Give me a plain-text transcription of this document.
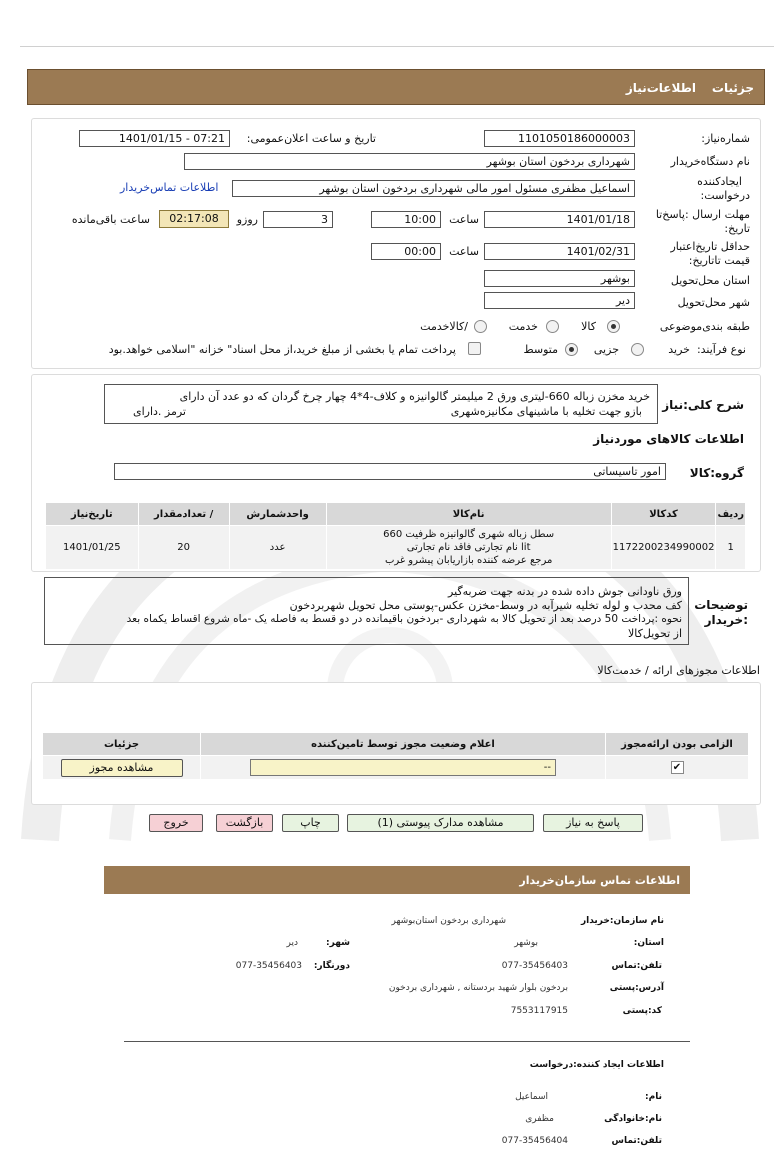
جزئیات
اطلاعات‌نیاز
شماره‌نیاز:
1101050186000003
تاریخ و ساعت اعلان‌عمومی:
1401/01/15 - 07:21
نام دستگاه‌خریدار
شهرداری بردخون استان بوشهر
ایجادکننده
درخواست:
اسماعیل مظفری مسئول امور مالی شهرداری بردخون استان بوشهر
اطلاعات تماس‌خریدار
مهلت ارسال :پاسخ‌تا
تاریخ:
1401/01/18
ساعت
10:00
3
روزو
02:17:08
ساعت باقی‌مانده
حداقل تاریخ‌اعتبار
قیمت تا‌تاریخ:
1401/02/31
ساعت
00:00
استان محل‌تحویل
بوشهر
شهر محل‌تحویل
دیر
طبقه بندی‌موضوعی
کالا
خدمت
/کالاخدمت
نوع فرآیند:
خرید
جزیی
متوسط
پرداخت تمام یا بخشی از مبلغ خرید،از محل اسناد" خزانه "اسلامی خواهد.بود
شرح کلی:نیاز
خرید مخزن زباله 660-لیتری ورق 2 میلیمتر گالوانیزه و کلاف-4*4 چهار چرخ گردان که دو عدد آن دارای
ترمز .دارای	بازو جهت تخلیه با ماشینهای مکانیزه‌شهری
اطلاعات کالاهای موردنیاز
گروه:کالا
امور تاسیساتی
ردیف	کدکالا	نام‌کالا	واحدشمارش	/ تعداد‌مقدار	تاریخ‌نیاز
1	1172200234990002	سطل زباله شهری گالوانیزه ظرفیت 660
lit نام تجارتی فاقد نام تجارتی
مرجع عرضه کننده بازاریابان پیشرو غرب	عدد	20	1401/01/25
توضیحات
:خریدار
ورق ناودانی جوش داده شده در بدنه جهت ضربه‌گیر
کف محدب و لوله تخلیه شیرآبه در وسط-مخزن عکس-پوستی محل تحویل شهربردخون
نحوه :پرداخت 50 درصد بعد از تحویل کالا به شهرداری -بردخون باقیمانده در دو قسط به فاصله یک -ماه شروع اقساط یکماه بعد
از تحویل‌کالا
اطلاعات مجوزهای ارائه / خدمت‌کالا
الزامی بودن ارائه‌مجوز	اعلام وضعیت مجوز توسط تامین‌کننده	جزئیات
✔	--	مشاهده مجوز
پاسخ به نیاز
مشاهده مدارک پیوستی (1)
چاپ
بازگشت
خروج
اطلاعات تماس سازمان‌خریدار
نام سازمان:خریدار
شهرداری بردخون استان‌بوشهر
استان:
بوشهر
شهر:
دیر
تلفن:تماس
077-35456403
دورنگار:
077-35456403
آدرس:پستی
بردخون بلوار شهید بردستانه , شهرداری بردخون
کد:پستی
7553117915
اطلاعات ایجاد کننده:درخواست
نام:
اسماعیل
نام:خانوادگی
مظفری
تلفن:تماس
077-35456404
